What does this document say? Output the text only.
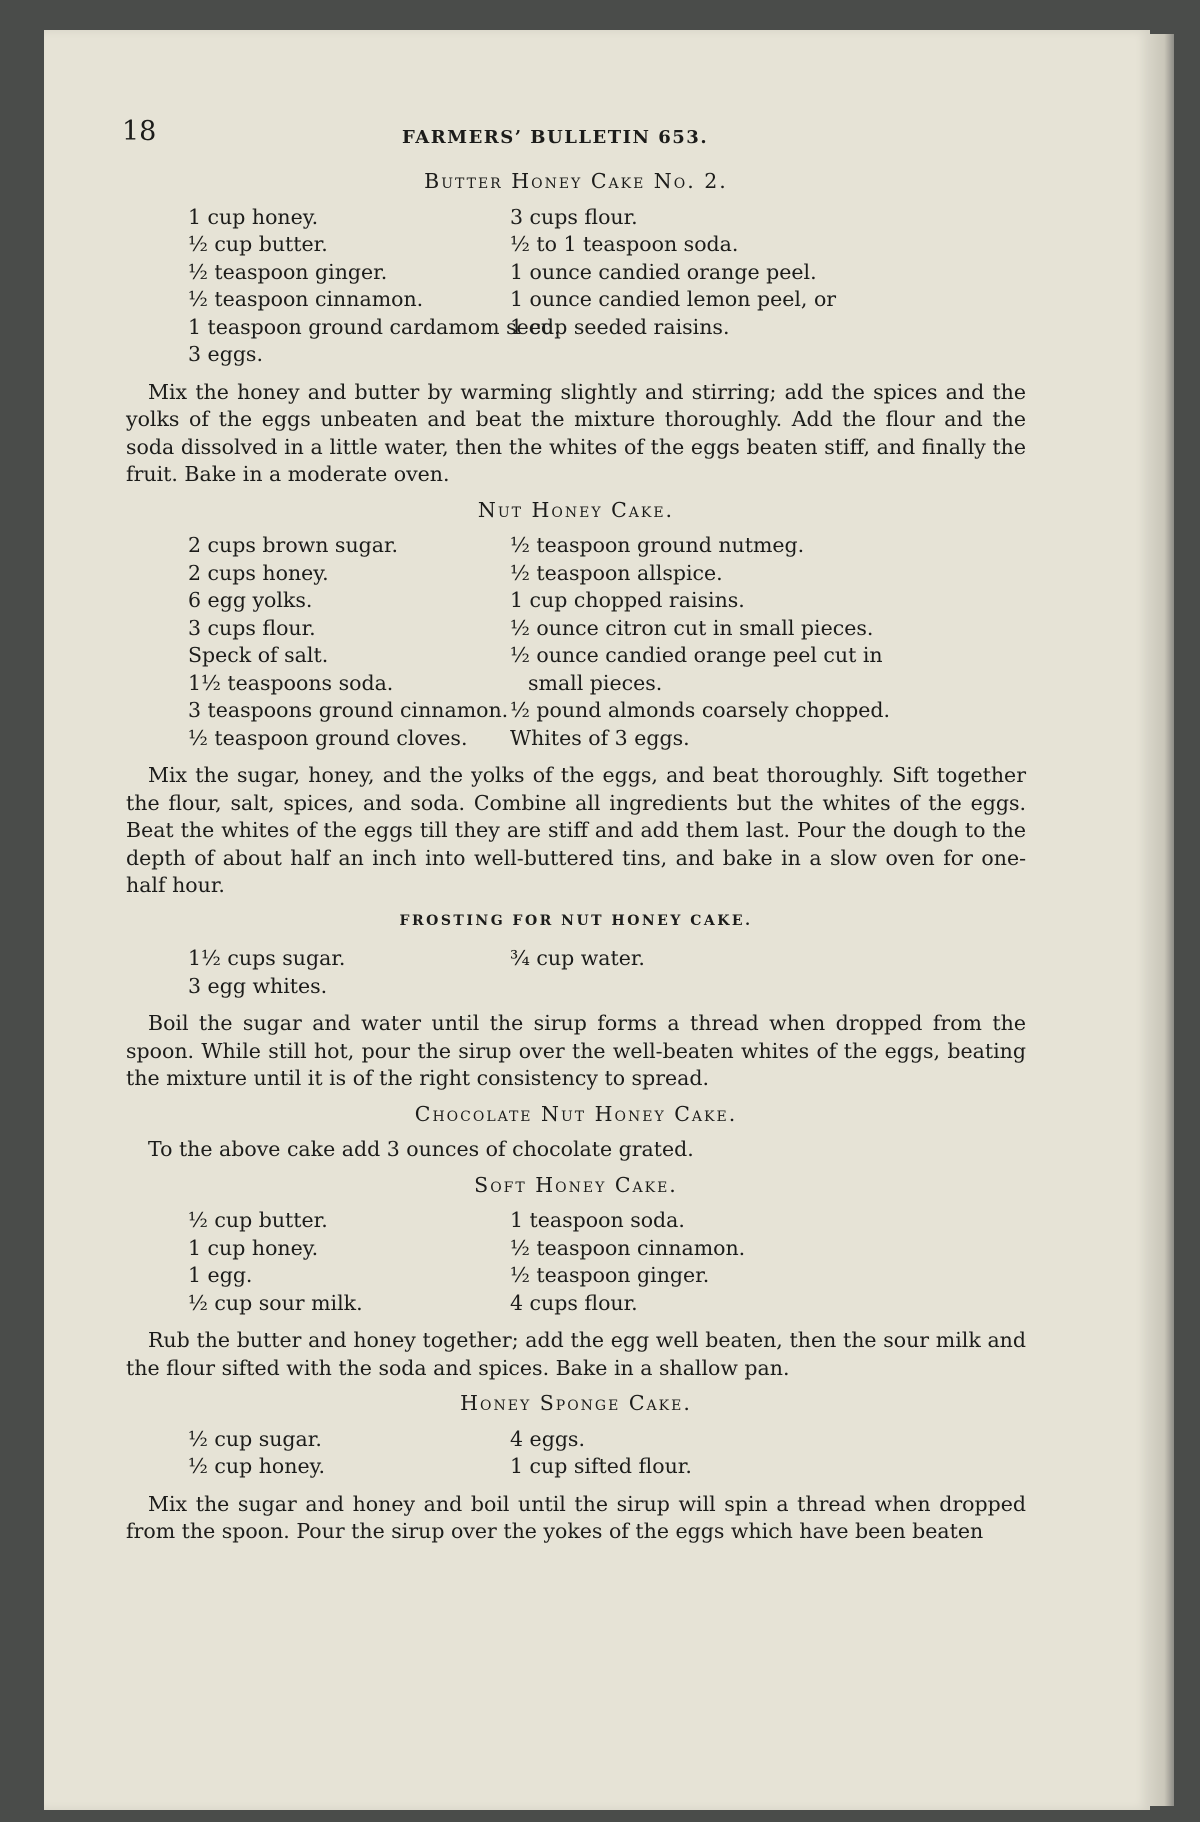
18	FARMERS’ BULLETIN 653.
Butter Honey Cake No. 2.
1 cup honey.
½ cup butter.
½ teaspoon ginger.
½ teaspoon cinnamon.
1 teaspoon ground cardamom seed.
3 eggs.
3 cups flour.
½ to 1 teaspoon soda.
1 ounce candied orange peel.
1 ounce candied lemon peel, or
1 cup seeded raisins.

Mix the honey and butter by warming slightly and stirring; add the spices and the yolks of the eggs unbeaten and beat the mixture thoroughly. Add the flour and the soda dissolved in a little water, then the whites of the eggs beaten stiff, and finally the fruit. Bake in a moderate oven.

Nut Honey Cake.
2 cups brown sugar.
2 cups honey.
6 egg yolks.
3 cups flour.
Speck of salt.
1½ teaspoons soda.
3 teaspoons ground cinnamon.
½ teaspoon ground cloves.
½ teaspoon ground nutmeg.
½ teaspoon allspice.
1 cup chopped raisins.
½ ounce citron cut in small pieces.
½ ounce candied orange peel cut in
small pieces.
½ pound almonds coarsely chopped.
Whites of 3 eggs.

Mix the sugar, honey, and the yolks of the eggs, and beat thoroughly. Sift together the flour, salt, spices, and soda. Combine all ingredients but the whites of the eggs. Beat the whites of the eggs till they are stiff and add them last. Pour the dough to the depth of about half an inch into well-buttered tins, and bake in a slow oven for one-half hour.

FROSTING FOR NUT HONEY CAKE.
1½ cups sugar.
3 egg whites.
¾ cup water.

Boil the sugar and water until the sirup forms a thread when dropped from the spoon. While still hot, pour the sirup over the well-beaten whites of the eggs, beating the mixture until it is of the right consistency to spread.

Chocolate Nut Honey Cake.

To the above cake add 3 ounces of chocolate grated.

Soft Honey Cake.
½ cup butter.
1 cup honey.
1 egg.
½ cup sour milk.
1 teaspoon soda.
½ teaspoon cinnamon.
½ teaspoon ginger.
4 cups flour.

Rub the butter and honey together; add the egg well beaten, then the sour milk and the flour sifted with the soda and spices. Bake in a shallow pan.

Honey Sponge Cake.
½ cup sugar.
½ cup honey.
4 eggs.
1 cup sifted flour.

Mix the sugar and honey and boil until the sirup will spin a thread when dropped from the spoon. Pour the sirup over the yokes of the eggs which have been beaten
